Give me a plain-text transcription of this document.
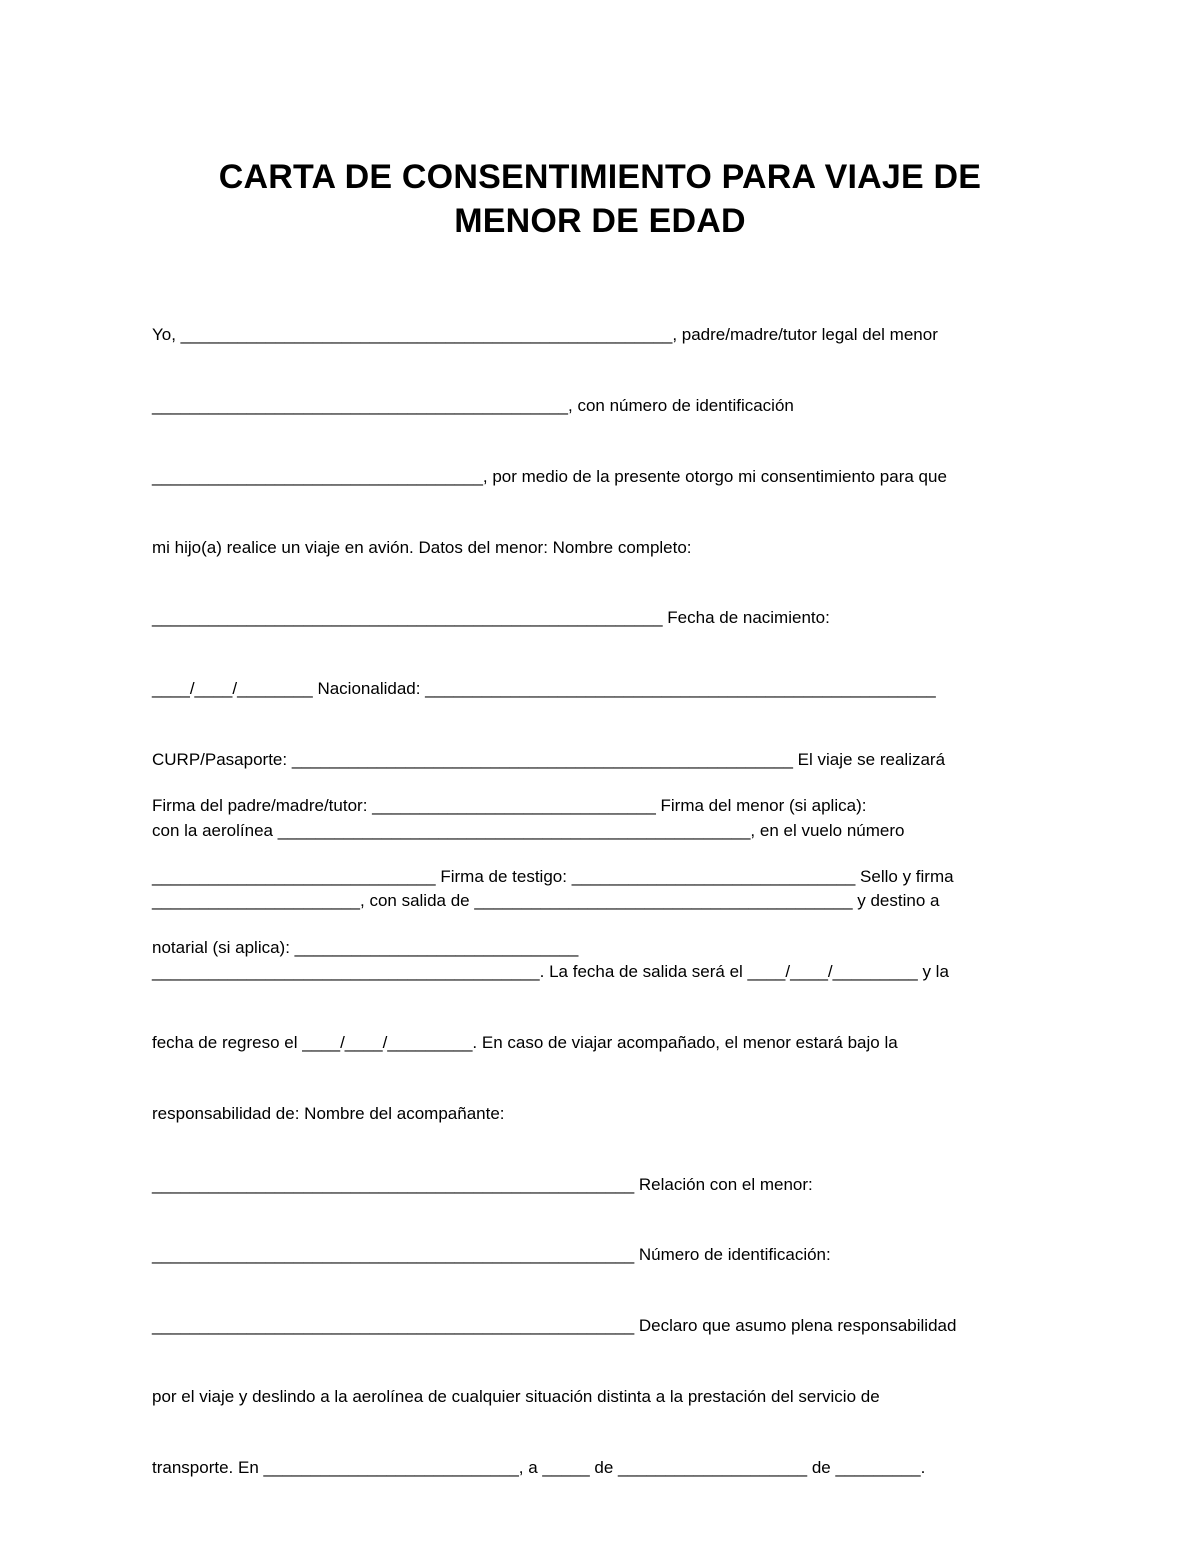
CARTA DE CONSENTIMIENTO PARA VIAJE DE
MENOR DE EDAD

Yo, ____________________________________________________, padre/madre/tutor legal del menor

____________________________________________, con número de identificación

___________________________________, por medio de la presente otorgo mi consentimiento para que

mi hijo(a) realice un viaje en avión. Datos del menor: Nombre completo:

______________________________________________________ Fecha de nacimiento:

____/____/________ Nacionalidad: ______________________________________________________

CURP/Pasaporte: _____________________________________________________ El viaje se realizará

con la aerolínea __________________________________________________, en el vuelo número

______________________, con salida de ________________________________________ y destino a

_________________________________________. La fecha de salida será el ____/____/_________ y la

fecha de regreso el ____/____/_________. En caso de viajar acompañado, el menor estará bajo la

responsabilidad de: Nombre del acompañante:

___________________________________________________ Relación con el menor:

___________________________________________________ Número de identificación:

___________________________________________________ Declaro que asumo plena responsabilidad

por el viaje y deslindo a la aerolínea de cualquier situación distinta a la prestación del servicio de

transporte. En ___________________________, a _____ de ____________________ de _________.

Firma del padre/madre/tutor: ______________________________ Firma del menor (si aplica):

______________________________ Firma de testigo: ______________________________ Sello y firma

notarial (si aplica): ______________________________
